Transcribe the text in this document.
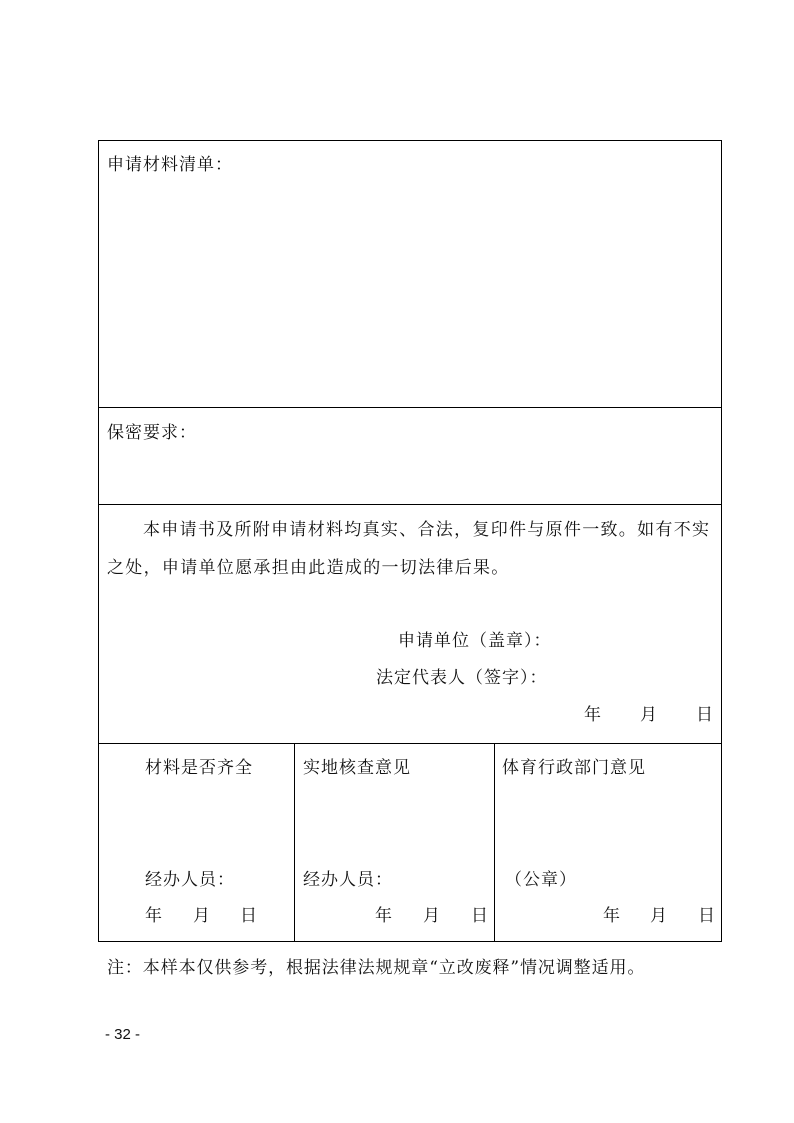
申请材料清单：
保密要求：
本申请书及所附申请材料均真实、合法，复印件与原件一致。如有不实
之处，申请单位愿承担由此造成的一切法律后果。
申请单位（盖章）：
法定代表人（签字）：
年 月 日
材料是否齐全
经办人员：
年 月 日
实地核查意见
经办人员：
年 月 日
体育行政部门意见
（公章）
年 月 日
注：本样本仅供参考，根据法律法规规章“立改废释”情况调整适用。
- 32 -
